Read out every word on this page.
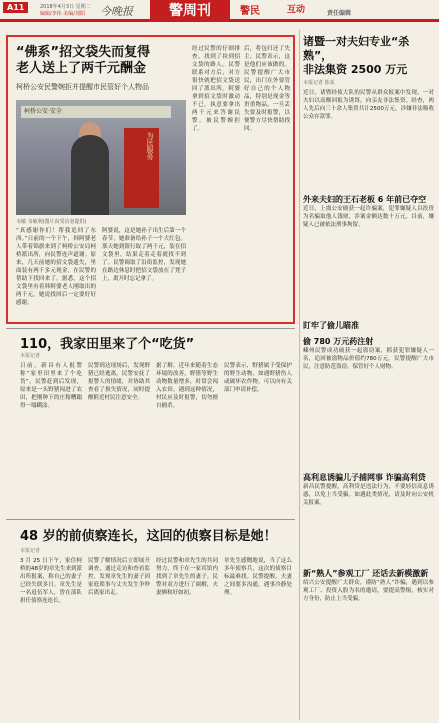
A11	2018年4月3日 星期二
编辑/李伟 美编/刘阳 今晚报	警周刊	警民	互动	责任编辑
“佛系”招文袋失而复得
老人送上了两千元酬金
柯桥公安民警婉拒并提醒市民管好个人物品
柯桥公安·安全
为民服务
韦敏 韦敏利(图片由受访者提供)
“真感谢你们！帮我追回了东西。”日前的一个下午，韩阿婆老人带着锦旗来到了柯桥公安局柯桥派出所，向民警连声道谢。原来，几天前她的招文袋遗失，里面装有两千多元现金，在民警的帮助下找回来了。据悉，这个招文袋里有着韩阿婆老人刚取出的两千元，她说找回后一定要好好感谢。
阿婆说，这是她孙子出生后第一个春节，她准备给孙子一个大红包。那天她到银行取了两千元，装在招文袋里，结果走着走着就找不到了。民警调取了沿街监控，发现她在路边休息时把招文袋放在了凳子上，离开时忘记拿了。
经过民警的仔细排查，找到了捡到招文袋的路人。民警联系对方后，对方很快就把招文袋送回了派出所。阿婆拿到招文袋时激动不已，执意要拿出两千元来答谢民警，被民警婉拒了。
后，将包归还了失主。民警表示，这是他们应该做的。民警提醒广大市民，出门在外要管好自己的个人物品，特别是现金等贵重物品，一旦丢失要及时报警，以便警方尽快帮助找回。
诸暨一对夫妇专业“杀熟”，
非法集资 2500 万元
本报记者 陈某
近日，诸暨经侦大队的民警从群众报案中发现，一对夫妇以高额回报为诱饵，向亲友非法集资。经查，两人先后向三十余人集资共计2500万元，涉嫌非法吸收公众存款罪。
外来夫妇的王石老板 6 年前已夺空
近日，上虞公安破获一起诈骗案，犯罪嫌疑人以投资为名骗取他人钱财，涉案金额达数十万元。目前，嫌疑人已被依法刑事拘留。
盯牢了偷儿瞄准
偷 780 万元药注射
嵊州民警成功破获一起盗窃案，抓获犯罪嫌疑人一名，追回被盗物品价值约780万元。民警提醒广大市民，注意防范盗窃，保管好个人财物。
高利息诱骗儿子捕网事 诈骗高利贷
新昌民警提醒，高利贷是违法行为，不要轻信高息诱惑，以免上当受骗。如遇此类情况，请及时向公安机关报案。
新“熟人”参观工厂 还话去新模激新
绍兴公安提醒广大群众，谨防“熟人”诈骗，遇到以参观工厂、投资入股为名的邀请，要提高警惕，核实对方身份，防止上当受骗。
110，我家田里来了个“吃货”
本报记者
日前，新昌有人报警称“家里田里来了个吃货”，民警赶到后发现，原来是一头野猪闯进了农田，把刚种下的庄稼糟蹋得一塌糊涂。
民警到达现场后，发现野猪已经逃离。民警安抚了报警人的情绪，并协助其查看了损失情况，同时提醒附近村民注意安全。
据了解，近年来随着生态环境的改善，野猪等野生动物数量增多，时常会闯入农田。遇到这种情况，村民应及时报警，切勿擅自捕杀。
民警表示，野猪属于受保护的野生动物，如遇野猪伤人或破坏农作物，可以向有关部门申请补偿。
48 岁的前侦察连长，这回的侦察目标是她！
本报记者
3 月 25 日下午，家住柯桥的48岁的章先生来到派出所报案，称自己的妻子已经失联多日。章先生是一名退伍军人，曾在部队担任侦察连连长。
民警了解情况后立即展开调查，通过走访和查看监控，发现章先生的妻子因家庭琐事与丈夫发生争吵后离家出走。
经过民警和章先生的共同努力，终于在一家宾馆内找到了章先生的妻子。民警对双方进行了调解，夫妻俩和好如初。
章先生感慨地说，当了这么多年侦察兵，这次的侦察目标最难找。民警提醒，夫妻之间要多沟通，遇事冷静处理。
